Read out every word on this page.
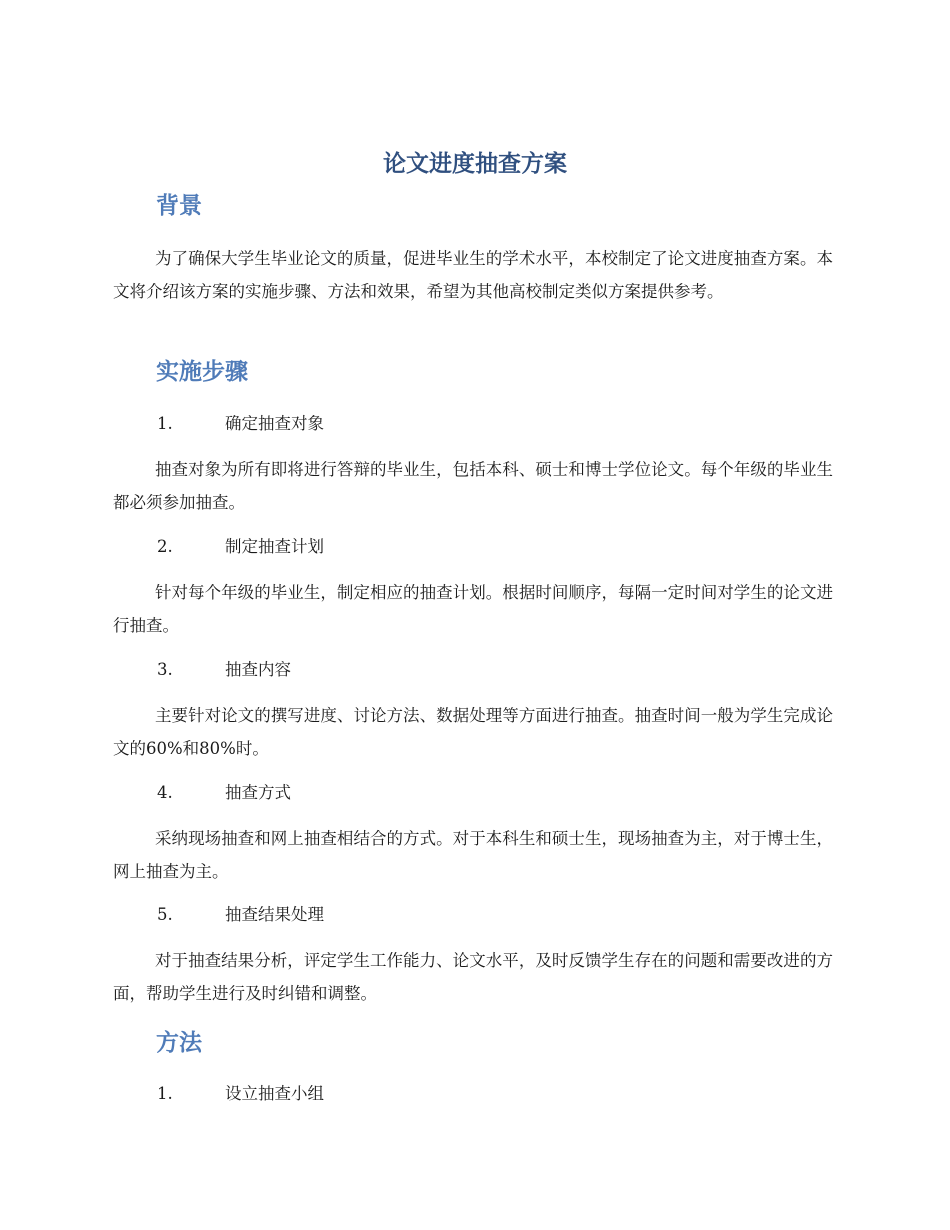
论文进度抽查方案
背景

为了确保大学生毕业论文的质量，促进毕业生的学术水平，本校制定了论文进度抽查方案。本文将介绍该方案的实施步骤、方法和效果，希望为其他高校制定类似方案提供参考。

实施步骤
1.	确定抽查对象

抽查对象为所有即将进行答辩的毕业生，包括本科、硕士和博士学位论文。每个年级的毕业生都必须参加抽查。

2.	制定抽查计划

针对每个年级的毕业生，制定相应的抽查计划。根据时间顺序，每隔一定时间对学生的论文进行抽查。

3.	抽查内容

主要针对论文的撰写进度、讨论方法、数据处理等方面进行抽查。抽查时间一般为学生完成论文的60%和80%时。

4.	抽查方式

采纳现场抽查和网上抽查相结合的方式。对于本科生和硕士生，现场抽查为主，对于博士生，网上抽查为主。

5.	抽查结果处理

对于抽查结果分析，评定学生工作能力、论文水平，及时反馈学生存在的问题和需要改进的方面，帮助学生进行及时纠错和调整。

方法
1.	设立抽查小组
